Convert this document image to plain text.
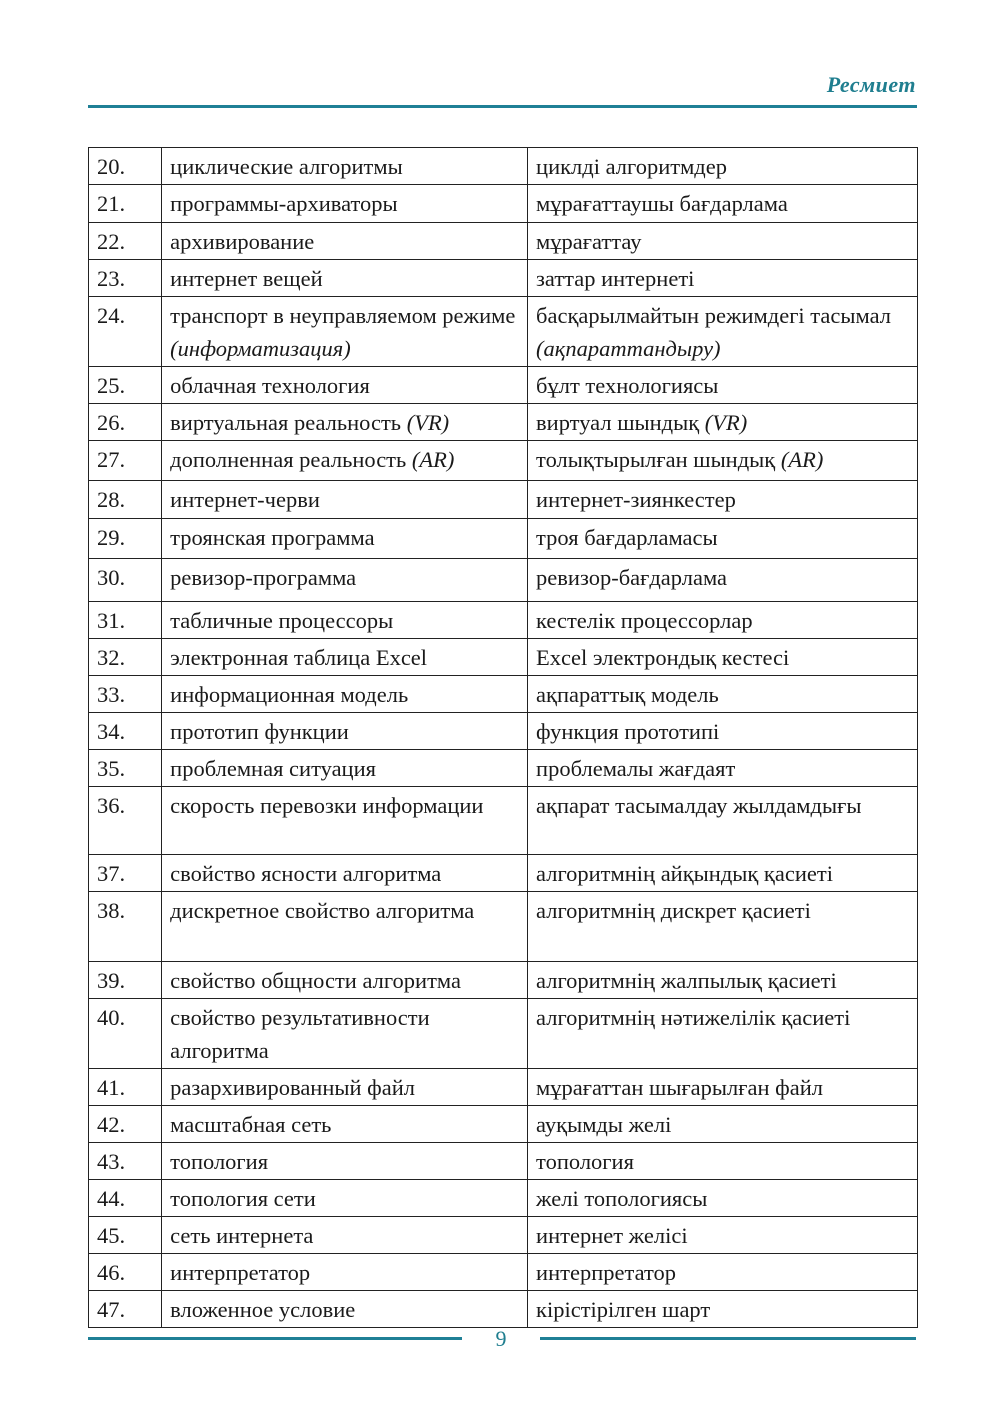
Ресмиет
20.	циклические алгоритмы	циклді алгоритмдер
21.	программы-архиваторы	мұрағаттаушы бағдарлама
22.	архивирование	мұрағаттау
23.	интернет вещей	заттар интернеті
24.	транспорт в неуправляемом режиме (информатизация)	басқарылмайтын режимдегі тасымал (ақпараттандыру)
25.	облачная технология	бұлт технологиясы
26.	виртуальная реальность (VR)	виртуал шындық (VR)
27.	дополненная реальность (AR)	толықтырылған шындық (AR)
28.	интернет-черви	интернет-зиянкестер
29.	троянская программа	троя бағдарламасы
30.	ревизор-программа	ревизор-бағдарлама
31.	табличные процессоры	кестелік процессорлар
32.	электронная таблица Excel	Excel электрондық кестесі
33.	информационная модель	ақпараттық модель
34.	прототип функции	функция прототипі
35.	проблемная ситуация	проблемалы жағдаят
36.	скорость перевозки информации	ақпарат тасымалдау жылдамдығы
37.	свойство ясности алгоритма	алгоритмнің айқындық қасиеті
38.	дискретное свойство алгоритма	алгоритмнің дискрет қасиеті
39.	свойство общности алгоритма	алгоритмнің жалпылық қасиеті
40.	свойство результативности алгоритма	алгоритмнің нәтижелілік қасиеті
41.	разархивированный файл	мұрағаттан шығарылған файл
42.	масштабная сеть	ауқымды желі
43.	топология	топология
44.	топология сети	желі топологиясы
45.	сеть интернета	интернет желісі
46.	интерпретатор	интерпретатор
47.	вложенное условие	кірістірілген шарт
9
